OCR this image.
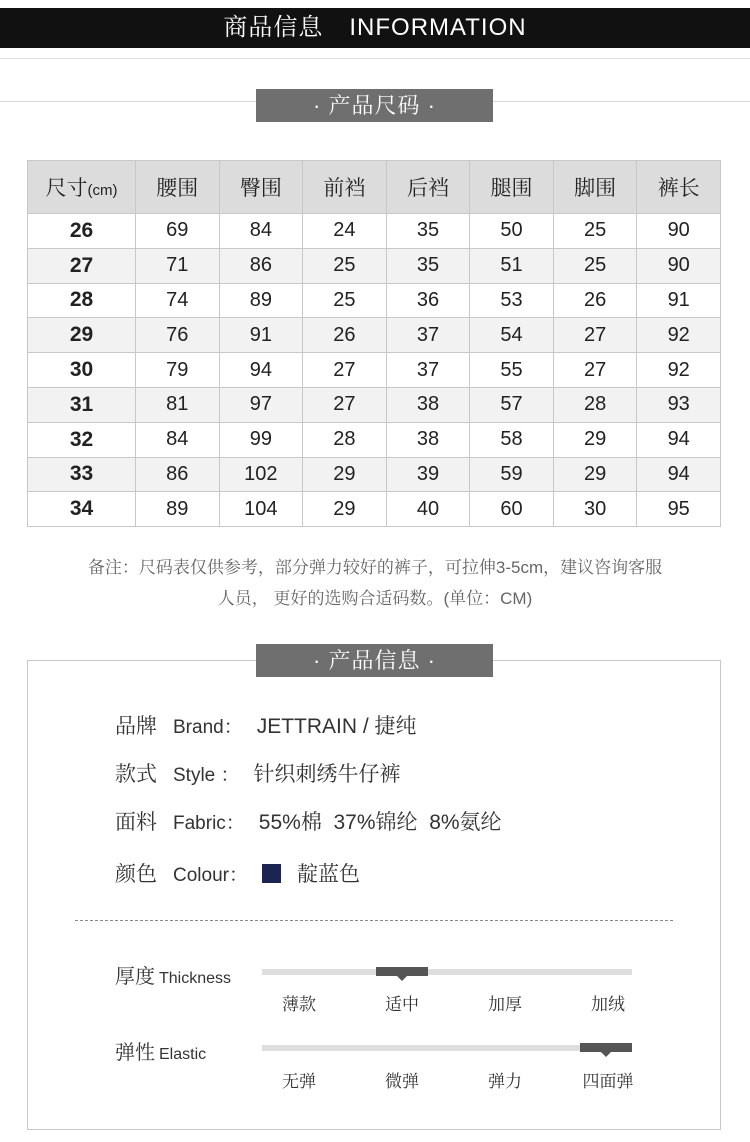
商品信息 INFORMATION
· 产品尺码 ·
尺寸(cm)	腰围	臀围	前裆	后裆	腿围	脚围	裤长
26	69	84	24	35	50	25	90
27	71	86	25	35	51	25	90
28	74	89	25	36	53	26	91
29	76	91	26	37	54	27	92
30	79	94	27	37	55	27	92
31	81	97	27	38	57	28	93
32	84	99	28	38	58	29	94
33	86	102	29	39	59	29	94
34	89	104	29	40	60	30	95
备注：尺码表仅供参考，部分弹力较好的裤子，可拉伸3-5cm，建议咨询客服
人员， 更好的选购合适码数。(单位：CM)
· 产品信息 ·
品牌 Brand： JETTRAIN / 捷纯
款式 Style ： 针织刺绣牛仔裤
面料 Fabric： 55%棉  37%锦纶  8%氨纶
颜色 Colour： 靛蓝色
厚度 Thickness
薄款	适中	加厚	加绒
弹性 Elastic
无弹	微弹	弹力	四面弹
